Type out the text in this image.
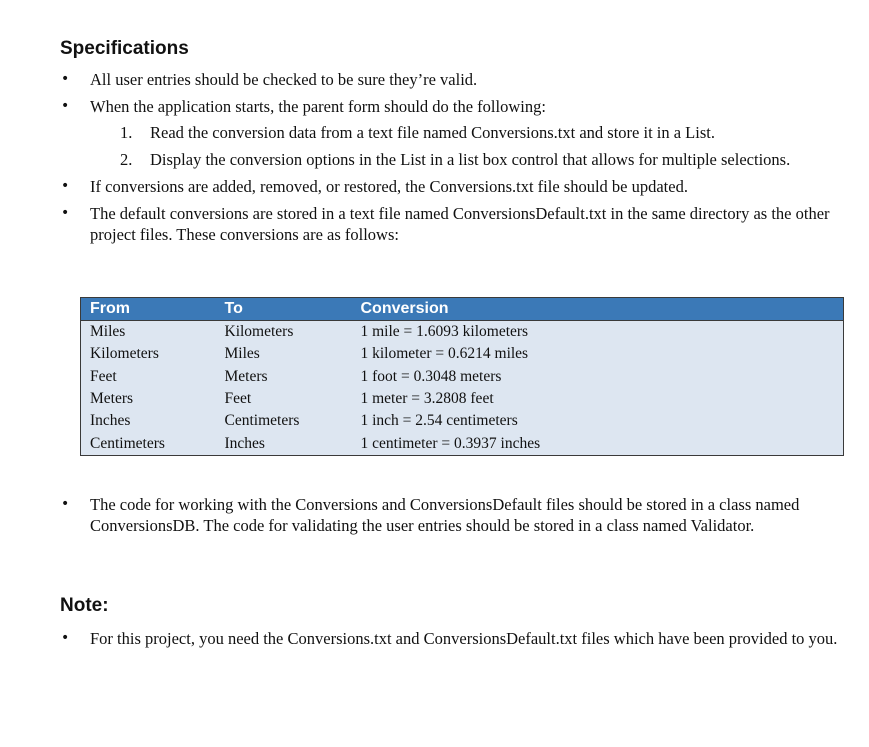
Specifications
• All user entries should be checked to be sure they’re valid.
• When the application starts, the parent form should do the following:
1. Read the conversion data from a text file named Conversions.txt and store it in a List.
2. Display the conversion options in the List in a list box control that allows for multiple selections.
• If conversions are added, removed, or restored, the Conversions.txt file should be updated.
• The default conversions are stored in a text file named ConversionsDefault.txt in the same directory as the other project files. These conversions are as follows:
From	To	Conversion
Miles	Kilometers	1 mile = 1.6093 kilometers
Kilometers	Miles	1 kilometer = 0.6214 miles
Feet	Meters	1 foot = 0.3048 meters
Meters	Feet	1 meter = 3.2808 feet
Inches	Centimeters	1 inch = 2.54 centimeters
Centimeters	Inches	1 centimeter = 0.3937 inches
• The code for working with the Conversions and ConversionsDefault files should be stored in a class named ConversionsDB. The code for validating the user entries should be stored in a class named Validator.
Note:
• For this project, you need the Conversions.txt and ConversionsDefault.txt files which have been provided to you.
